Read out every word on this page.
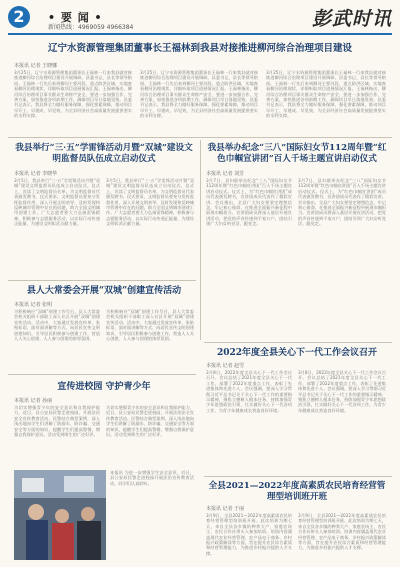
2	• 要 闻 •
新闻热线：4969059 4966384	彭武时讯
辽宁水资源管理集团董事长王福林到我县对接推进柳河综合治理项目建设
本报讯 记者 王晓娜
3月25日，辽宁水资源管理集团董事长王福林一行来我县就对接推进柳河综合治理项目建设开展调研。县委书记、县长等领导陪同。王福林一行先后来到柳河主要河段、重点防洪区域，实地查看柳河治理现状，详细听取项目进展情况汇报。王福林指出，柳河综合治理项目事关群众生命财产安全，要进一步加强合作，完善方案，加快推进各项前期工作，确保项目早日落地见效。县委书记表示，我县将全力做好服务保障，强化要素保障，推动项目早开工、早建成、早见效，为全县经济社会高质量发展提供坚实的水利支撑。
3月25日，辽宁水资源管理集团董事长王福林一行来我县就对接推进柳河综合治理项目建设开展调研。县委书记、县长等领导陪同。王福林一行先后来到柳河主要河段、重点防洪区域，实地查看柳河治理现状，详细听取项目进展情况汇报。王福林指出，柳河综合治理项目事关群众生命财产安全，要进一步加强合作，完善方案，加快推进各项前期工作，确保项目早日落地见效。县委书记表示，我县将全力做好服务保障，强化要素保障，推动项目早开工、早建成、早见效，为全县经济社会高质量发展提供坚实的水利支撑。
3月25日，辽宁水资源管理集团董事长王福林一行来我县就对接推进柳河综合治理项目建设开展调研。县委书记、县长等领导陪同。王福林一行先后来到柳河主要河段、重点防洪区域，实地查看柳河治理现状，详细听取项目进展情况汇报。王福林指出，柳河综合治理项目事关群众生命财产安全，要进一步加强合作，完善方案，加快推进各项前期工作，确保项目早日落地见效。县委书记表示，我县将全力做好服务保障，强化要素保障，推动项目早开工、早建成、早见效，为全县经济社会高质量发展提供坚实的水利支撑。
我县举行“三·五”学雷锋活动月暨“双城”建设文明监督员队伍成立启动仪式
本报讯 记者 李晓华
3月5日，我县举行“三·五”学雷锋活动月暨“双城”建设文明监督员队伍成立启动仪式。仪式上，宣读了文明监督员名单，为文明监督员代表颁发聘书。仪式要求，文明监督员要充分发挥监督作用，深入开展文明劝导，及时发现和反映城市管理中存在的问题，助力全国文明城市创建工作。广大志愿者要大力弘扬雷锋精神，积极参与志愿服务活动，以实际行动传递正能量，为建设文明彰武贡献力量。
3月5日，我县举行“三·五”学雷锋活动月暨“双城”建设文明监督员队伍成立启动仪式。仪式上，宣读了文明监督员名单，为文明监督员代表颁发聘书。仪式要求，文明监督员要充分发挥监督作用，深入开展文明劝导，及时发现和反映城市管理中存在的问题，助力全国文明城市创建工作。广大志愿者要大力弘扬雷锋精神，积极参与志愿服务活动，以实际行动传递正能量，为建设文明彰武贡献力量。
我县举办纪念“三八”国际妇女节112周年暨“红色巾帼宣讲团”百人千场主题宣讲启动仪式
本报讯 记者 刘芳
3月7日，县妇联举办纪念“三八”国际妇女节112周年暨“红色巾帼宣讲团”百人千场主题宣讲启动仪式。仪式上，为“红色巾帼宣讲团”成员代表颁发聘书，宣讲团成员代表作了精彩宣讲。会议指出，全县广大妇女要坚定理想信念，牢记初心使命，在推进全面振兴新征程中展现巾帼担当。宣讲团成员将深入基层开展宣讲活动，把党的声音传递到千家万户，团结引领广大妇女听党话、跟党走。
3月7日，县妇联举办纪念“三八”国际妇女节112周年暨“红色巾帼宣讲团”百人千场主题宣讲启动仪式。仪式上，为“红色巾帼宣讲团”成员代表颁发聘书，宣讲团成员代表作了精彩宣讲。会议指出，全县广大妇女要坚定理想信念，牢记初心使命，在推进全面振兴新征程中展现巾帼担当。宣讲团成员将深入基层开展宣讲活动，把党的声音传递到千家万户，团结引领广大妇女听党话、跟党走。
县人大常委会开展“双城”创建宣传活动
本报讯 记者 张明
为积极响应“双城”创建工作号召，县人大常委会机关组织干部职工深入社区开展“双城”创建宣传活动。活动中，大家通过发放宣传单、张贴标语、面对面讲解等方式，向居民宣传文明创建知识，引导居民积极参与创建工作，营造人人关心创建、人人参与创建的浓厚氛围。
为积极响应“双城”创建工作号召，县人大常委会机关组织干部职工深入社区开展“双城”创建宣传活动。活动中，大家通过发放宣传单、张贴标语、面对面讲解等方式，向居民宣传文明创建知识，引导居民积极参与创建工作，营造人人关心创建、人人参与创建的浓厚氛围。
2022年度全县关心下一代工作会议召开
本报讯 记者 赵雪
3月8日，2022年度全县关心下一代工作会议召开。会议总结了2021年度全县关心下一代工作，部署了2022年度重点工作，表彰了先进集体和先进个人。会议强调，要深入学习贯彻习近平总书记关于关心下一代工作的重要指示精神，聚焦立德树人根本任务，持续加强青少年思想政治引领，扎实做好关心下一代各项工作，为青少年健康成长营造良好环境。
3月8日，2022年度全县关心下一代工作会议召开。会议总结了2021年度全县关心下一代工作，部署了2022年度重点工作，表彰了先进集体和先进个人。会议强调，要深入学习贯彻习近平总书记关于关心下一代工作的重要指示精神，聚焦立德树人根本任务，持续加强青少年思想政治引领，扎实做好关心下一代各项工作，为青少年健康成长营造良好环境。
宣传进校园 守护青少年
本报讯 记者 孙丽
为切实增强青少年的安全意识和自我保护能力，近日，县公安局民警走进校园，开展法治安全宣传教育活动。民警结合典型案例，深入浅出地向学生们讲解了防溺水、防诈骗、交通安全等方面的知识，提醒学生们提高警惕，增强自我保护意识。活动受到师生的广泛好评。
为切实增强青少年的安全意识和自我保护能力，近日，县公安局民警走进校园，开展法治安全宣传教育活动。民警结合典型案例，深入浅出地向学生们讲解了防溺水、防诈骗、交通安全等方面的知识，提醒学生们提高警惕，增强自我保护意识。活动受到师生的广泛好评。
本报讯 为进一步增强学生安全意识，近日，县公安局民警走进校园开展法治宣传教育活动，同学们认真聆听。	全县2021—2022年度高素质农民培育经营管理型培训班开班
本报讯 记者 于丽
3月9日，全县2021—2022年度高素质农民培育经营管理型培训班开班。此次培训为期七天，来自全县各乡镇的种养大户、家庭农场主、农民合作社带头人参加培训。培训内容涵盖现代农业经营管理、农产品电子商务、乡村振兴政策解读等方面，旨在提升农民综合素质和经营管理能力，为推进乡村振兴提供人才支撑。
3月9日，全县2021—2022年度高素质农民培育经营管理型培训班开班。此次培训为期七天，来自全县各乡镇的种养大户、家庭农场主、农民合作社带头人参加培训。培训内容涵盖现代农业经营管理、农产品电子商务、乡村振兴政策解读等方面，旨在提升农民综合素质和经营管理能力，为推进乡村振兴提供人才支撑。
